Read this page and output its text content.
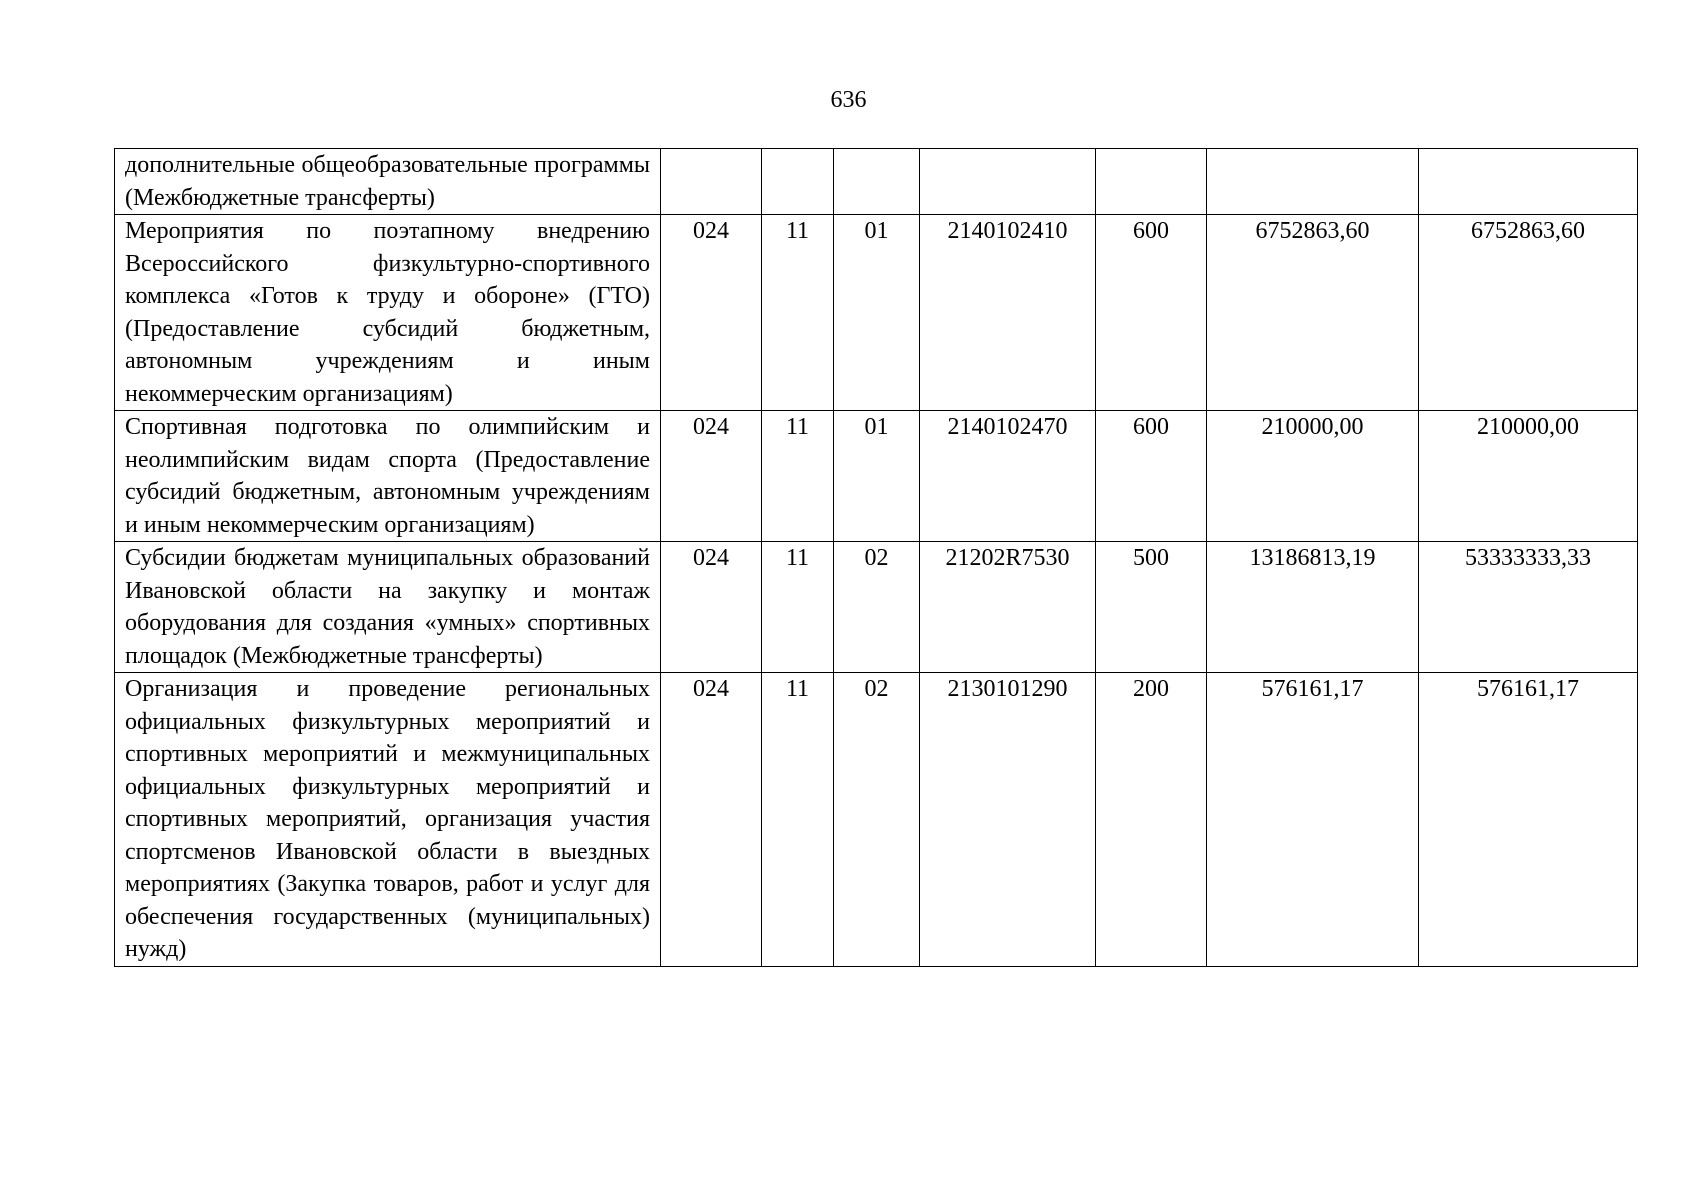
636
дополнительные общеобразовательные программы (Межбюджетные трансферты)							
Мероприятия по поэтапному внедрению Всероссийского физкультурно-спортивного комплекса «Готов к труду и обороне» (ГТО) (Предоставление субсидий бюджетным, автономным учреждениям и иным некоммерческим организациям)	024	11	01	2140102410	600	6752863,60	6752863,60
Спортивная подготовка по олимпийским и неолимпийским видам спорта (Предоставление субсидий бюджетным, автономным учреждениям и иным некоммерческим организациям)	024	11	01	2140102470	600	210000,00	210000,00
Субсидии бюджетам муниципальных образований Ивановской области на закупку и монтаж оборудования для создания «умных» спортивных площадок (Межбюджетные трансферты)	024	11	02	21202R7530	500	13186813,19	53333333,33
Организация и проведение региональных официальных физкультурных мероприятий и спортивных мероприятий и межмуниципальных официальных физкультурных мероприятий и спортивных мероприятий, организация участия спортсменов Ивановской области в выездных мероприятиях (Закупка товаров, работ и услуг для обеспечения государственных (муниципальных) нужд)	024	11	02	2130101290	200	576161,17	576161,17
